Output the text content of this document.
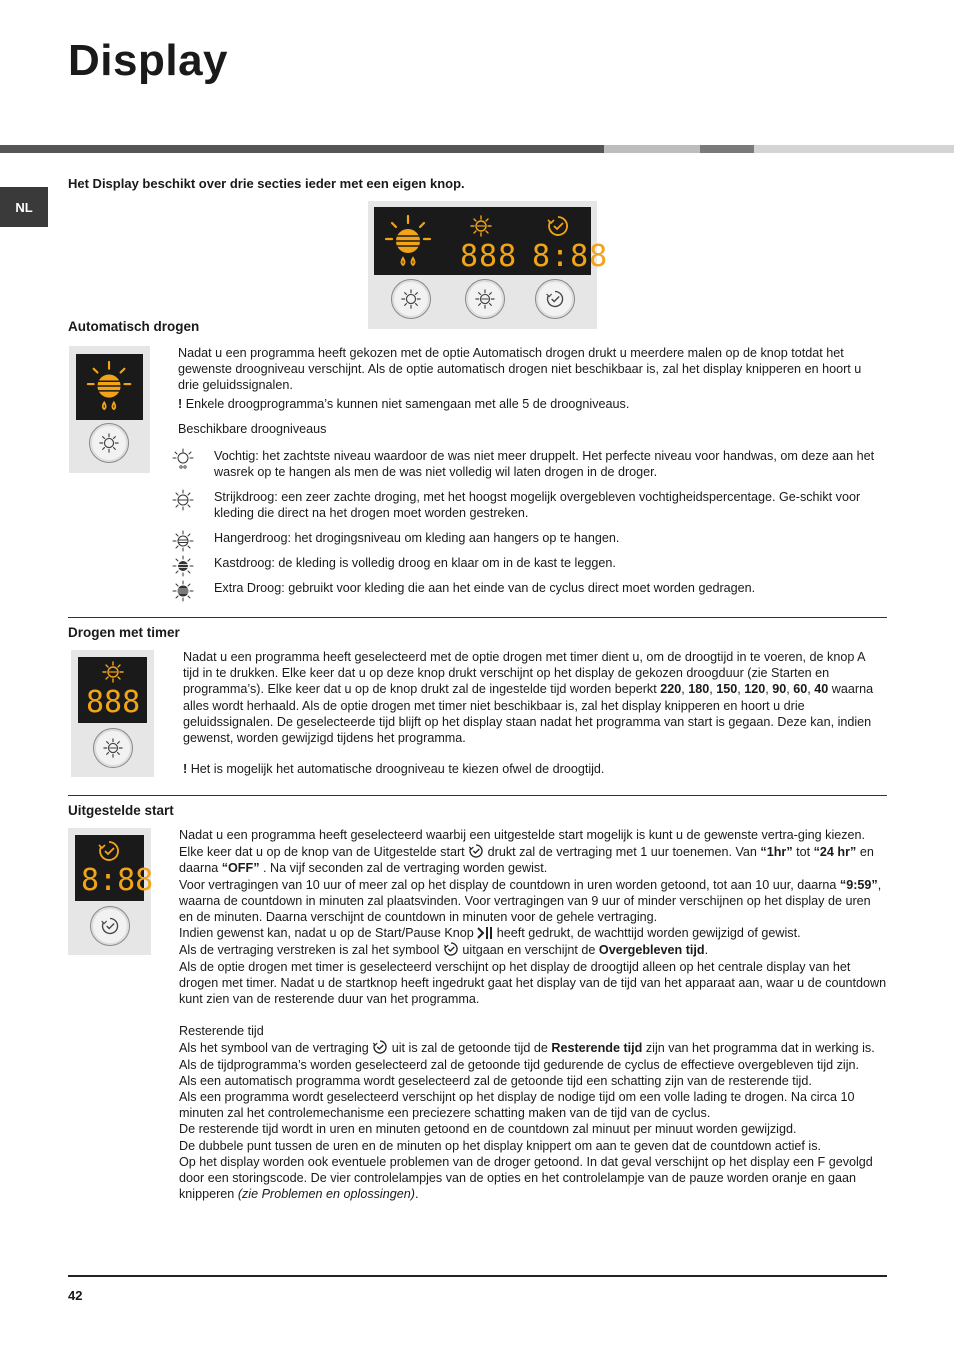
Display
NL
Het Display beschikt over drie secties ieder met een eigen knop.
888 8:88
Automatisch drogen

Nadat u een programma heeft gekozen met de optie Automatisch drogen drukt u meerdere malen op de knop totdat het gewenste droogniveau verschijnt. Als de optie automatisch drogen niet beschikbaar is, zal het display knipperen en hoort u drie geluidssignalen.

! Enkele droogprogramma’s kunnen niet samengaan met alle 5 de droogniveaus.

Beschikbare droogniveaus

Vochtig: het zachtste niveau waardoor de was niet meer druppelt. Het perfecte niveau voor handwas, om deze aan het wasrek op te hangen als men de was niet volledig wil laten drogen in de droger.
Strijkdroog: een zeer zachte droging, met het hoogst mogelijk overgebleven vochtigheidspercentage. Ge-schikt voor kleding die direct na het drogen moet worden gestreken.
Hangerdroog: het drogingsniveau om kleding aan hangers op te hangen.
Kastdroog: de kleding is volledig droog en klaar om in de kast te leggen.
Extra Droog: gebruikt voor kleding die aan het einde van de cyclus direct moet worden gedragen.
Drogen met timer
888

Nadat u een programma heeft geselecteerd met de optie drogen met timer dient u, om de droogtijd in te voeren, de knop A tijd in te drukken. Elke keer dat u op deze knop drukt verschijnt op het display de gekozen droogduur (zie Starten en programma’s). Elke keer dat u op de knop drukt zal de ingestelde tijd worden beperkt 220, 180, 150, 120, 90, 60, 40 waarna alles wordt herhaald. Als de optie drogen met timer niet beschikbaar is, zal het display knipperen en hoort u drie geluidssignalen. De geselecteerde tijd blijft op het display staan nadat het programma van start is gegaan. Deze kan, indien gewenst, worden gewijzigd tijdens het programma.

! Het is mogelijk het automatische droogniveau te kiezen ofwel de droogtijd.

Uitgestelde start
8:88

Nadat u een programma heeft geselecteerd waarbij een uitgestelde start mogelijk is kunt u de gewenste vertra-ging kiezen.

Elke keer dat u op de knop van de Uitgestelde start  drukt zal de vertraging met 1 uur toenemen. Van “1hr” tot “24 hr” en daarna “OFF” . Na vijf seconden zal de vertraging worden gewist.

Voor vertragingen van 10 uur of meer zal op het display de countdown in uren worden getoond, tot aan 10 uur, daarna “9:59”, waarna de countdown in minuten zal plaatsvinden. Voor vertragingen van 9 uur of minder verschijnen op het display de uren en de minuten. Daarna verschijnt de countdown in minuten voor de gehele vertraging.

Indien gewenst kan, nadat u op de Start/Pause Knop  heeft gedrukt, de wachttijd worden gewijzigd of gewist.

Als de vertraging verstreken is zal het symbool  uitgaan en verschijnt de Overgebleven tijd.

Als de optie drogen met timer is geselecteerd verschijnt op het display de droogtijd alleen op het centrale display van het drogen met timer. Nadat u de startknop heeft ingedrukt gaat het display van de tijd van het apparaat aan, waar u de countdown kunt zien van de resterende duur van het programma.

Resterende tijd

Als het symbool van de vertraging  uit is zal de getoonde tijd de Resterende tijd zijn van het programma dat in werking is.

Als de tijdprogramma’s worden geselecteerd zal de getoonde tijd gedurende de cyclus de effectieve overgebleven tijd zijn.

Als een automatisch programma wordt geselecteerd zal de getoonde tijd een schatting zijn van de resterende tijd.

Als een programma wordt geselecteerd verschijnt op het display de nodige tijd om een volle lading te drogen. Na circa 10 minuten zal het controlemechanisme een preciezere schatting maken van de tijd van de cyclus.

De resterende tijd wordt in uren en minuten getoond en de countdown zal minuut per minuut worden gewijzigd.

De dubbele punt tussen de uren en de minuten op het display knippert om aan te geven dat de countdown actief is.

Op het display worden ook eventuele problemen van de droger getoond. In dat geval verschijnt op het display een F gevolgd door een storingscode. De vier controlelampjes van de opties en het controlelampje van de pauze worden oranje en gaan knipperen (zie Problemen en oplossingen).

42
